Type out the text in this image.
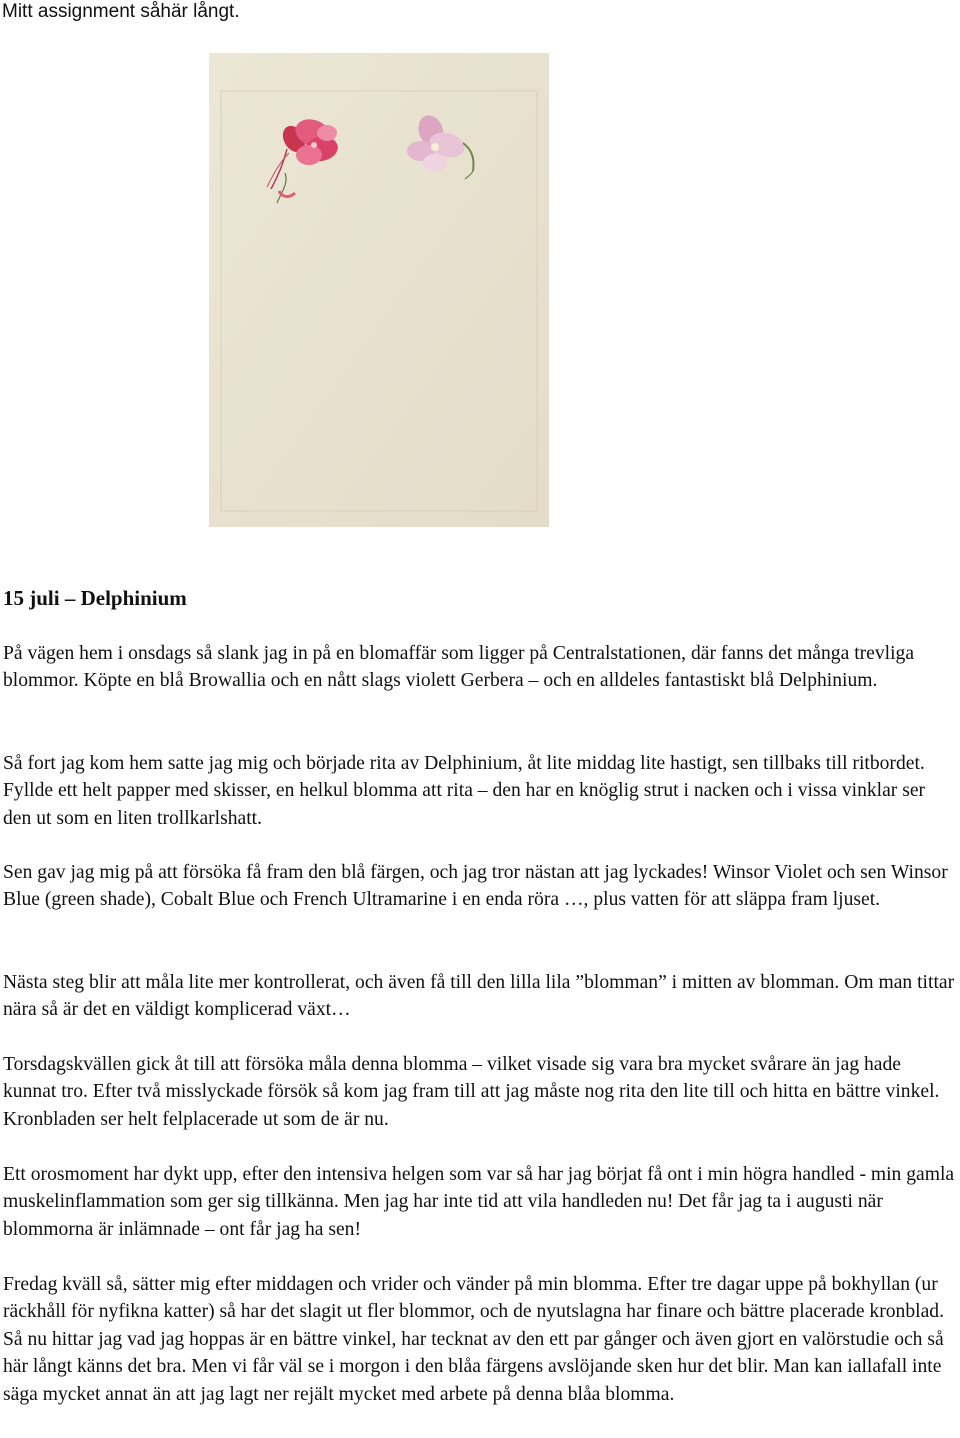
Mitt assignment såhär långt.

15 juli – Delphinium

På vägen hem i onsdags så slank jag in på en blomaffär som ligger på Centralstationen, där fanns det många trevliga blommor. Köpte en blå Browallia och en nått slags violett Gerbera – och en alldeles fantastiskt blå Delphinium.

Så fort jag kom hem satte jag mig och började rita av Delphinium, åt lite middag lite hastigt, sen tillbaks till ritbordet. Fyllde ett helt papper med skisser, en helkul blomma att rita – den har en knöglig strut i nacken och i vissa vinklar ser den ut som en liten trollkarlshatt.

Sen gav jag mig på att försöka få fram den blå färgen, och jag tror nästan att jag lyckades! Winsor Violet och sen Winsor Blue (green shade), Cobalt Blue och French Ultramarine i en enda röra …, plus vatten för att släppa fram ljuset.

Nästa steg blir att måla lite mer kontrollerat, och även få till den lilla lila ”blomman” i mitten av blomman. Om man tittar nära så är det en väldigt komplicerad växt…

Torsdagskvällen gick åt till att försöka måla denna blomma – vilket visade sig vara bra mycket svårare än jag hade kunnat tro. Efter två misslyckade försök så kom jag fram till att jag måste nog rita den lite till och hitta en bättre vinkel. Kronbladen ser helt felplacerade ut som de är nu.

Ett orosmoment har dykt upp, efter den intensiva helgen som var så har jag börjat få ont i min högra handled - min gamla muskelinflammation som ger sig tillkänna. Men jag har inte tid att vila handleden nu! Det får jag ta i augusti när blommorna är inlämnade – ont får jag ha sen!

Fredag kväll så, sätter mig efter middagen och vrider och vänder på min blomma. Efter tre dagar uppe på bokhyllan (ur räckhåll för nyfikna katter) så har det slagit ut fler blommor, och de nyutslagna har finare och bättre placerade kronblad. Så nu hittar jag vad jag hoppas är en bättre vinkel, har tecknat av den ett par gånger och även gjort en valörstudie och så här långt känns det bra. Men vi får väl se i morgon i den blåa färgens avslöjande sken hur det blir. Man kan iallafall inte säga mycket annat än att jag lagt ner rejält mycket med arbete på denna blåa blomma.
